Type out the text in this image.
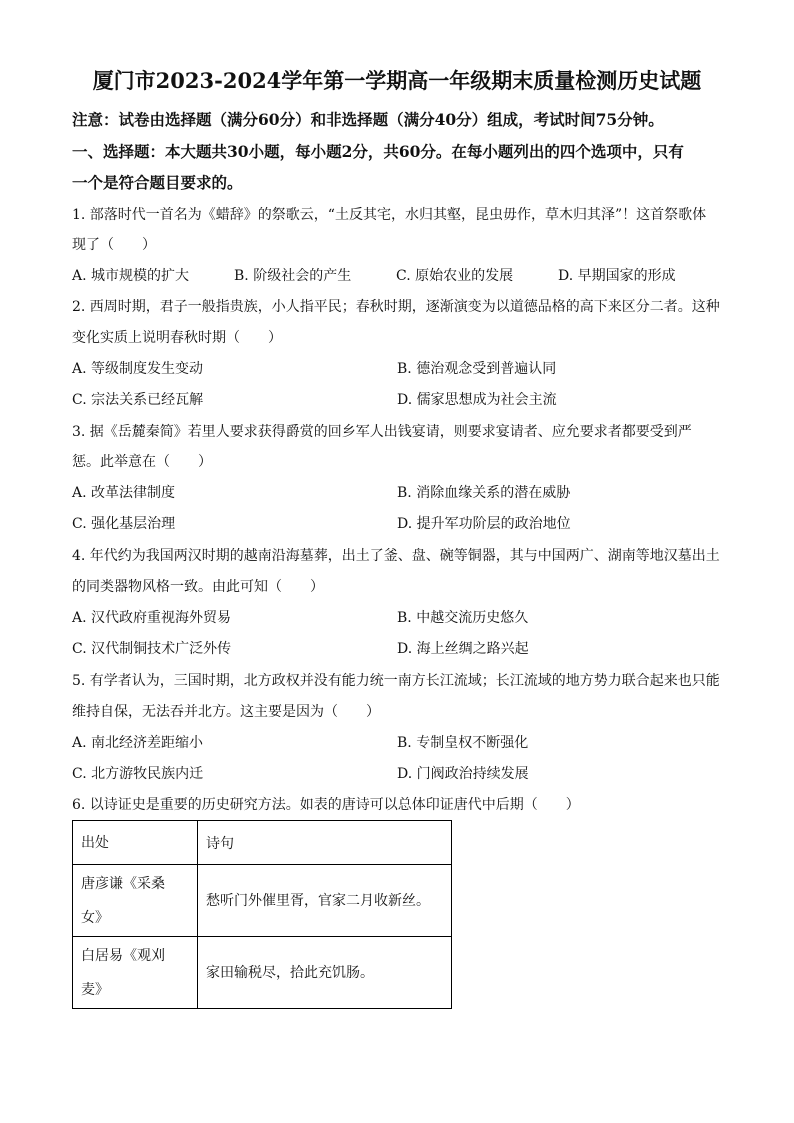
厦门市2023-2024学年第一学期高一年级期末质量检测历史试题
注意：试卷由选择题（满分60分）和非选择题（满分40分）组成，考试时间75分钟。
一、选择题：本大题共30小题，每小题2分，共60分。在每小题列出的四个选项中，只有
一个是符合题目要求的。
1. 部落时代一首名为《蜡辞》的祭歌云，“土反其宅，水归其壑，昆虫毋作，草木归其泽”！这首祭歌体
现了（　　）
A. 城市规模的扩大	B. 阶级社会的产生	C. 原始农业的发展	D. 早期国家的形成
2. 西周时期，君子一般指贵族，小人指平民；春秋时期，逐渐演变为以道德品格的高下来区分二者。这种
变化实质上说明春秋时期（　　）
A. 等级制度发生变动	B. 德治观念受到普遍认同
C. 宗法关系已经瓦解	D. 儒家思想成为社会主流
3. 据《岳麓秦简》若里人要求获得爵赏的回乡军人出钱宴请，则要求宴请者、应允要求者都要受到严
惩。此举意在（　　）
A. 改革法律制度	B. 消除血缘关系的潜在威胁
C. 强化基层治理	D. 提升军功阶层的政治地位
4. 年代约为我国两汉时期的越南沿海墓葬，出土了釜、盘、碗等铜器，其与中国两广、湖南等地汉墓出土
的同类器物风格一致。由此可知（　　）
A. 汉代政府重视海外贸易	B. 中越交流历史悠久
C. 汉代制铜技术广泛外传	D. 海上丝绸之路兴起
5. 有学者认为，三国时期，北方政权并没有能力统一南方长江流域；长江流域的地方势力联合起来也只能
维持自保，无法吞并北方。这主要是因为（　　）
A. 南北经济差距缩小	B. 专制皇权不断强化
C. 北方游牧民族内迁	D. 门阀政治持续发展
6. 以诗证史是重要的历史研究方法。如表的唐诗可以总体印证唐代中后期（　　）
出处	诗句

唐彦谦《采桑
女》	愁听门外催里胥，官家二月收新丝。

白居易《观刈
麦》	家田输税尽，拾此充饥肠。
